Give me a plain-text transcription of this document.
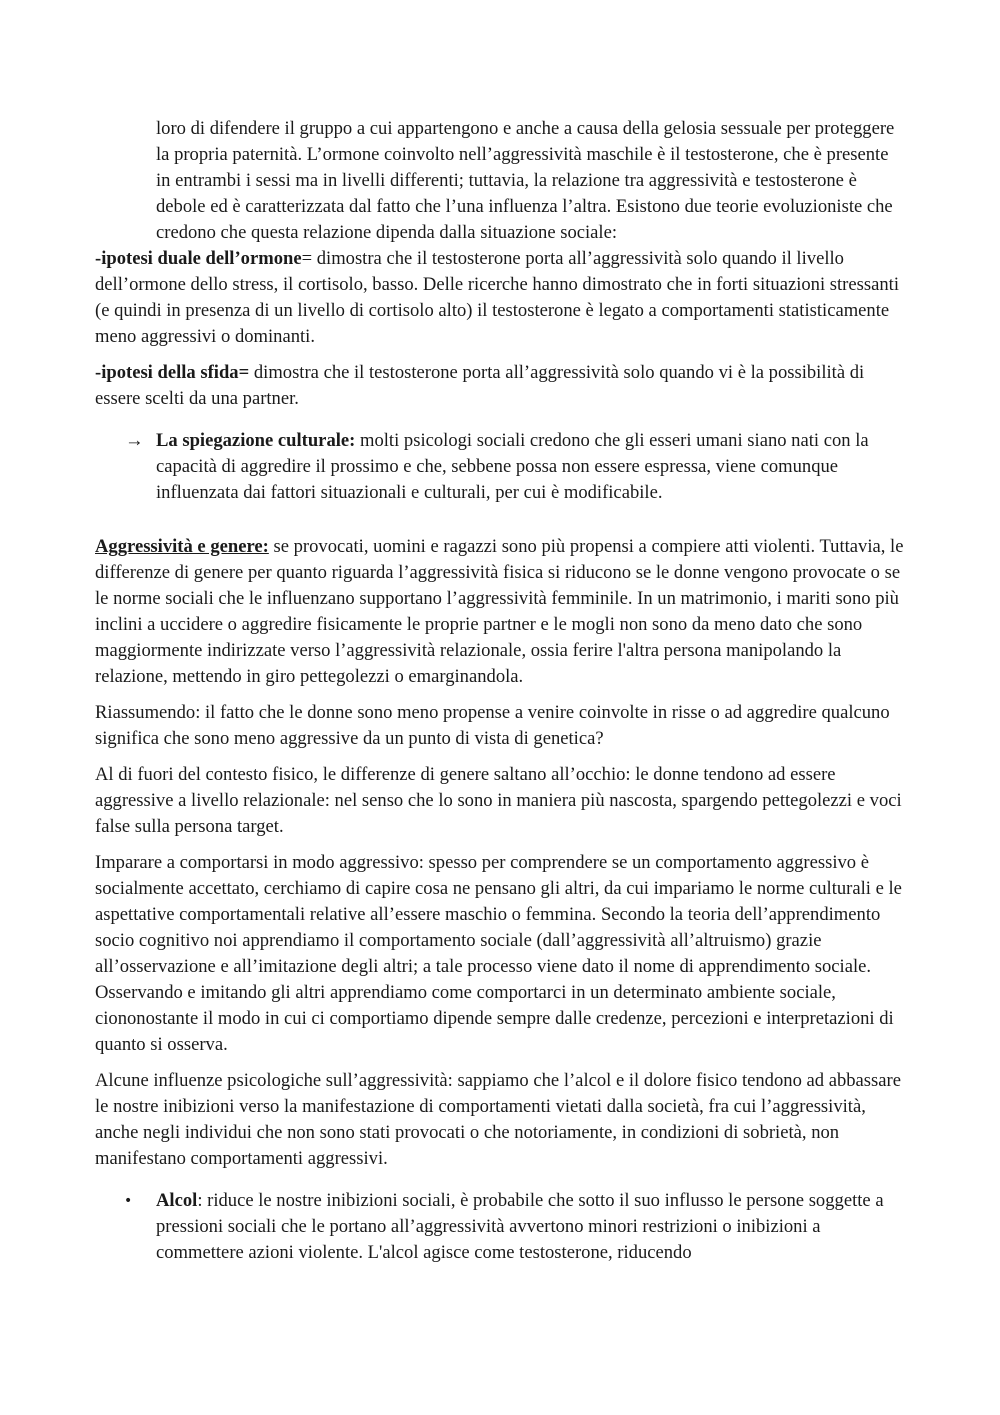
loro di difendere il gruppo a cui appartengono e anche a causa della gelosia sessuale per proteggere la propria paternità. L’ormone coinvolto nell’aggressività maschile è il testosterone, che è presente in entrambi i sessi ma in livelli differenti; tuttavia, la relazione tra aggressività e testosterone è debole ed è caratterizzata dal fatto che l’una influenza l’altra. Esistono due teorie evoluzioniste che credono che questa relazione dipenda dalla situazione sociale:

-ipotesi duale dell’ormone= dimostra che il testosterone porta all’aggressività solo quando il livello dell’ormone dello stress, il cortisolo, basso. Delle ricerche hanno dimostrato che in forti situazioni stressanti (e quindi in presenza di un livello di cortisolo alto) il testosterone è legato a comportamenti statisticamente meno aggressivi o dominanti.

-ipotesi della sfida= dimostra che il testosterone porta all’aggressività solo quando vi è la possibilità di essere scelti da una partner.

→ La spiegazione culturale: molti psicologi sociali credono che gli esseri umani siano nati con la capacità di aggredire il prossimo e che, sebbene possa non essere espressa, viene comunque influenzata dai fattori situazionali e culturali, per cui è modificabile.

Aggressività e genere: se provocati, uomini e ragazzi sono più propensi a compiere atti violenti. Tuttavia, le differenze di genere per quanto riguarda l’aggressività fisica si riducono se le donne vengono provocate o se le norme sociali che le influenzano supportano l’aggressività femminile. In un matrimonio, i mariti sono più inclini a uccidere o aggredire fisicamente le proprie partner e le mogli non sono da meno dato che sono maggiormente indirizzate verso l’aggressività relazionale, ossia ferire l'altra persona manipolando la relazione, mettendo in giro pettegolezzi o emarginandola.

Riassumendo: il fatto che le donne sono meno propense a venire coinvolte in risse o ad aggredire qualcuno significa che sono meno aggressive da un punto di vista di genetica?

Al di fuori del contesto fisico, le differenze di genere saltano all’occhio: le donne tendono ad essere aggressive a livello relazionale: nel senso che lo sono in maniera più nascosta, spargendo pettegolezzi e voci false sulla persona target.

Imparare a comportarsi in modo aggressivo: spesso per comprendere se un comportamento aggressivo è socialmente accettato, cerchiamo di capire cosa ne pensano gli altri, da cui impariamo le norme culturali e le aspettative comportamentali relative all’essere maschio o femmina. Secondo la teoria dell’apprendimento socio cognitivo noi apprendiamo il comportamento sociale (dall’aggressività all’altruismo) grazie all’osservazione e all’imitazione degli altri; a tale processo viene dato il nome di apprendimento sociale. Osservando e imitando gli altri apprendiamo come comportarci in un determinato ambiente sociale, ciononostante il modo in cui ci comportiamo dipende sempre dalle credenze, percezioni e interpretazioni di quanto si osserva.

Alcune influenze psicologiche sull’aggressività: sappiamo che l’alcol e il dolore fisico tendono ad abbassare le nostre inibizioni verso la manifestazione di comportamenti vietati dalla società, fra cui l’aggressività, anche negli individui che non sono stati provocati o che notoriamente, in condizioni di sobrietà, non manifestano comportamenti aggressivi.

• Alcol: riduce le nostre inibizioni sociali, è probabile che sotto il suo influsso le persone soggette a pressioni sociali che le portano all’aggressività avvertono minori restrizioni o inibizioni a commettere azioni violente. L'alcol agisce come testosterone, riducendo
